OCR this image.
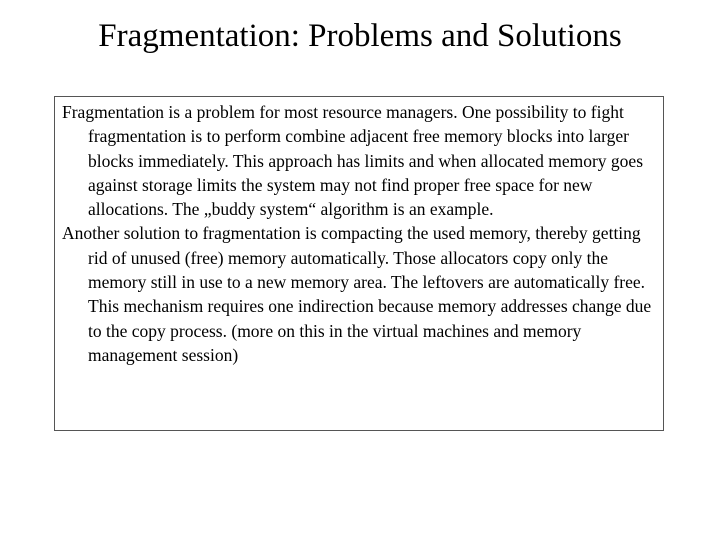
Fragmentation: Problems and Solutions

Fragmentation is a problem for most resource managers. One possibility to fight fragmentation is to perform combine adjacent free memory blocks into larger blocks immediately. This approach has limits and when allocated memory goes against storage limits the system may not find proper free space for new allocations. The „buddy system“ algorithm is an example.

Another solution to fragmentation is compacting the used memory, thereby getting rid of unused (free) memory automatically. Those allocators copy only the memory still in use to a new memory area. The leftovers are automatically free. This mechanism requires one indirection because memory addresses change due to the copy process. (more on this in the virtual machines and memory management session)
